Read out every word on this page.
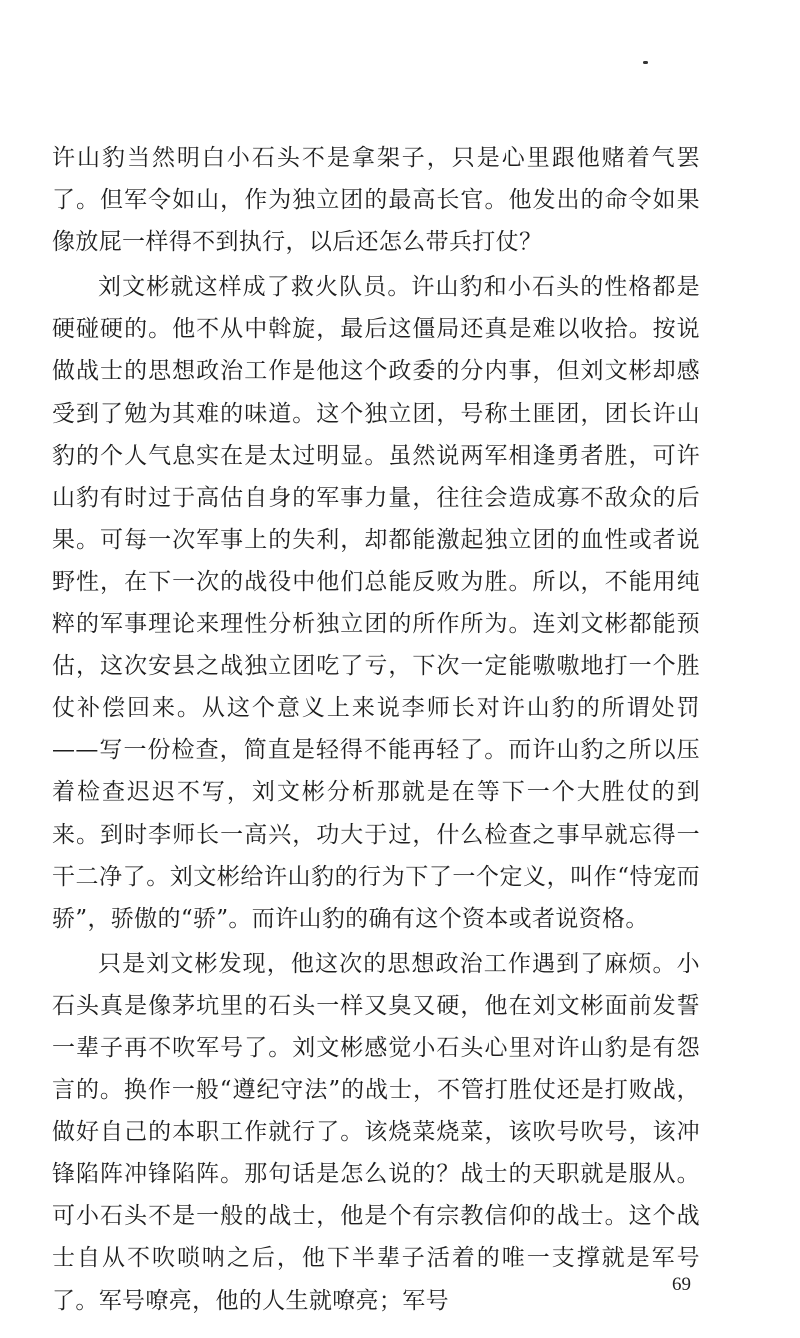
许山豹当然明白小石头不是拿架子，只是心里跟他赌着气罢了。但军令如山，作为独立团的最高长官。他发出的命令如果像放屁一样得不到执行，以后还怎么带兵打仗？

刘文彬就这样成了救火队员。许山豹和小石头的性格都是硬碰硬的。他不从中斡旋，最后这僵局还真是难以收拾。按说做战士的思想政治工作是他这个政委的分内事，但刘文彬却感受到了勉为其难的味道。这个独立团，号称土匪团，团长许山豹的个人气息实在是太过明显。虽然说两军相逢勇者胜，可许山豹有时过于高估自身的军事力量，往往会造成寡不敌众的后果。可每一次军事上的失利，却都能激起独立团的血性或者说野性，在下一次的战役中他们总能反败为胜。所以，不能用纯粹的军事理论来理性分析独立团的所作所为。连刘文彬都能预估，这次安县之战独立团吃了亏，下次一定能嗷嗷地打一个胜仗补偿回来。从这个意义上来说李师长对许山豹的所谓处罚——写一份检查，简直是轻得不能再轻了。而许山豹之所以压着检查迟迟不写，刘文彬分析那就是在等下一个大胜仗的到来。到时李师长一高兴，功大于过，什么检查之事早就忘得一干二净了。刘文彬给许山豹的行为下了一个定义，叫作“恃宠而骄”，骄傲的“骄”。而许山豹的确有这个资本或者说资格。

只是刘文彬发现，他这次的思想政治工作遇到了麻烦。小石头真是像茅坑里的石头一样又臭又硬，他在刘文彬面前发誓一辈子再不吹军号了。刘文彬感觉小石头心里对许山豹是有怨言的。换作一般“遵纪守法”的战士，不管打胜仗还是打败战，做好自己的本职工作就行了。该烧菜烧菜，该吹号吹号，该冲锋陷阵冲锋陷阵。那句话是怎么说的？战士的天职就是服从。可小石头不是一般的战士，他是个有宗教信仰的战士。这个战士自从不吹唢呐之后，他下半辈子活着的唯一支撑就是军号了。军号嘹亮，他的人生就嘹亮；军号

69
